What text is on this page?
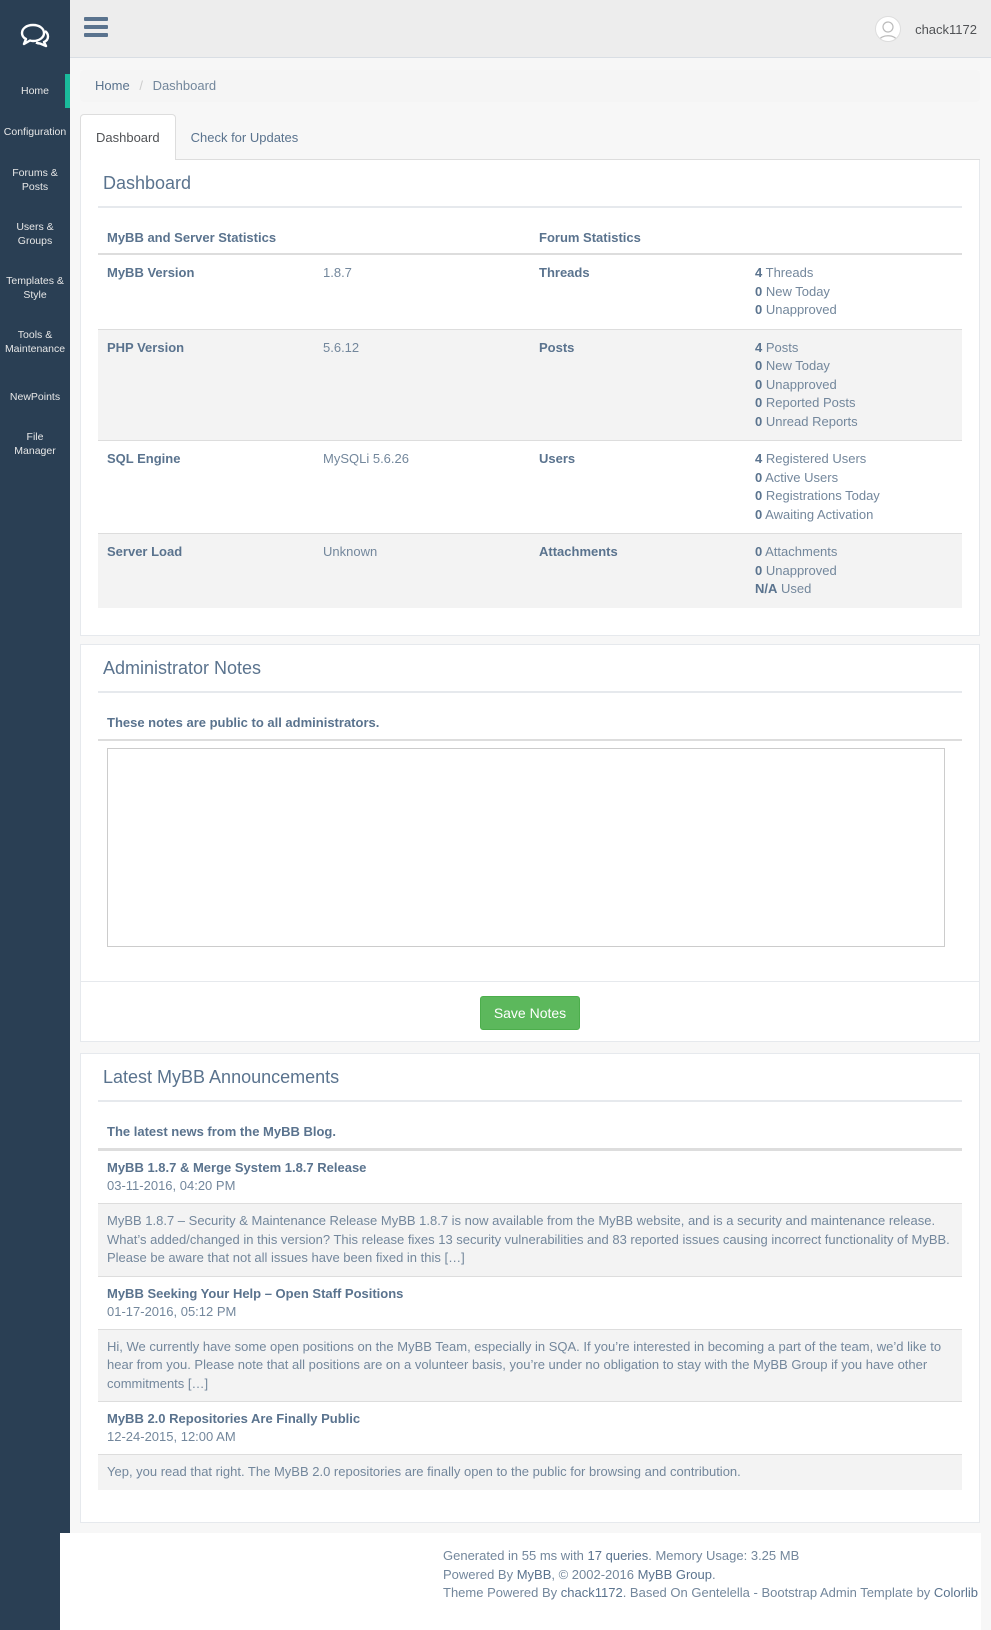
Home
Configuration
Forums & Posts
Users & Groups
Templates & Style
Tools & Maintenance
NewPoints
File Manager
chack1172
Home / Dashboard
Dashboard	Check for Updates
Dashboard
MyBB and Server Statistics		Forum Statistics	
MyBB Version	1.8.7	Threads	4 Threads
0 New Today
0 Unapproved

PHP Version	5.6.12	Posts	4 Posts
0 New Today
0 Unapproved
0 Reported Posts
0 Unread Reports

SQL Engine	MySQLi 5.6.26	Users	4 Registered Users
0 Active Users
0 Registrations Today
0 Awaiting Activation

Server Load	Unknown	Attachments	0 Attachments
0 Unapproved
N/A Used
Administrator Notes
These notes are public to all administrators.
Save Notes
Latest MyBB Announcements
The latest news from the MyBB Blog.
MyBB 1.8.7 & Merge System 1.8.7 Release
03-11-2016, 04:20 PM
MyBB 1.8.7 – Security & Maintenance Release MyBB 1.8.7 is now available from the MyBB website, and is a security and maintenance release. What’s added/changed in this version? This release fixes 13 security vulnerabilities and 83 reported issues causing incorrect functionality of MyBB. Please be aware that not all issues have been fixed in this […]
MyBB Seeking Your Help – Open Staff Positions
01-17-2016, 05:12 PM
Hi, We currently have some open positions on the MyBB Team, especially in SQA. If you’re interested in becoming a part of the team, we’d like to hear from you. Please note that all positions are on a volunteer basis, you’re under no obligation to stay with the MyBB Group if you have other commitments […]
MyBB 2.0 Repositories Are Finally Public
12-24-2015, 12:00 AM
Yep, you read that right. The MyBB 2.0 repositories are finally open to the public for browsing and contribution.
Generated in 55 ms with 17 queries. Memory Usage: 3.25 MB
Powered By MyBB, © 2002-2016 MyBB Group.
Theme Powered By chack1172. Based On Gentelella - Bootstrap Admin Template by Colorlib
